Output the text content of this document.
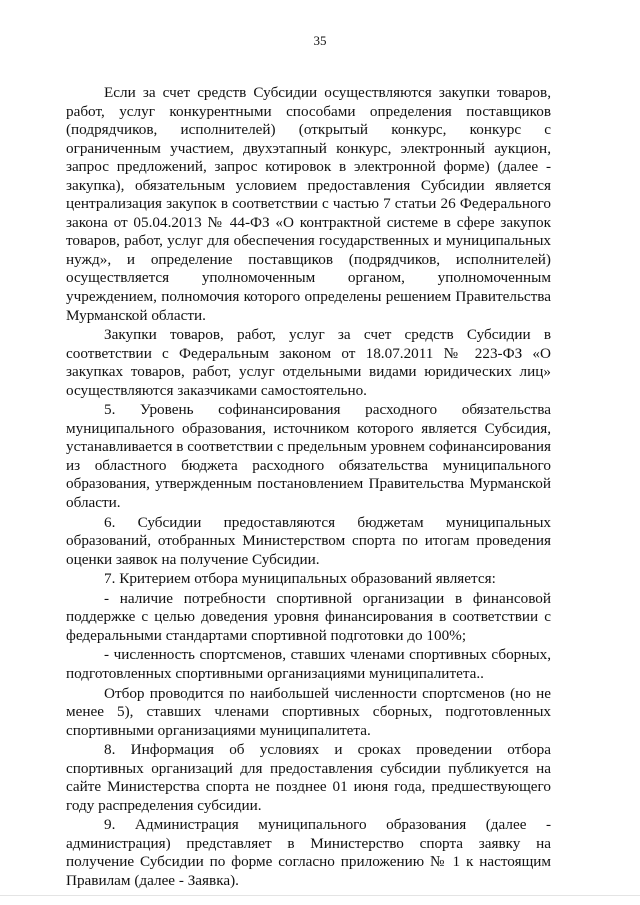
35

Если за счет средств Субсидии осуществляются закупки товаров, работ, услуг конкурентными способами определения поставщиков (подрядчиков, исполнителей) (открытый конкурс, конкурс с ограниченным участием, двухэтапный конкурс, электронный аукцион, запрос предложений, запрос котировок в электронной форме) (далее - закупка), обязательным условием предоставления Субсидии является централизация закупок в соответствии с частью 7 статьи 26 Федерального закона от 05.04.2013 № 44-ФЗ «О контрактной системе в сфере закупок товаров, работ, услуг для обеспечения государственных и муниципальных нужд», и определение поставщиков (подрядчиков, исполнителей) осуществляется уполномоченным органом, уполномоченным учреждением, полномочия которого определены решением Правительства Мурманской области.

Закупки товаров, работ, услуг за счет средств Субсидии в соответствии с Федеральным законом от 18.07.2011 № 223-ФЗ «О закупках товаров, работ, услуг отдельными видами юридических лиц» осуществляются заказчиками самостоятельно.

5. Уровень софинансирования расходного обязательства муниципального образования, источником которого является Субсидия, устанавливается в соответствии с предельным уровнем софинансирования из областного бюджета расходного обязательства муниципального образования, утвержденным постановлением Правительства Мурманской области.

6. Субсидии предоставляются бюджетам муниципальных образований, отобранных Министерством спорта по итогам проведения оценки заявок на получение Субсидии.

7. Критерием отбора муниципальных образований является:

- наличие потребности спортивной организации в финансовой поддержке с целью доведения уровня финансирования в соответствии с федеральными стандартами спортивной подготовки до 100%;

- численность спортсменов, ставших членами спортивных сборных, подготовленных спортивными организациями муниципалитета..

Отбор проводится по наибольшей численности спортсменов (но не менее 5), ставших членами спортивных сборных, подготовленных спортивными организациями муниципалитета.

8. Информация об условиях и сроках проведении отбора спортивных организаций для предоставления субсидии публикуется на сайте Министерства спорта не позднее 01 июня года, предшествующего году распределения субсидии.

9. Администрация муниципального образования (далее - администрация) представляет в Министерство спорта заявку на получение Субсидии по форме согласно приложению № 1 к настоящим Правилам (далее - Заявка).
